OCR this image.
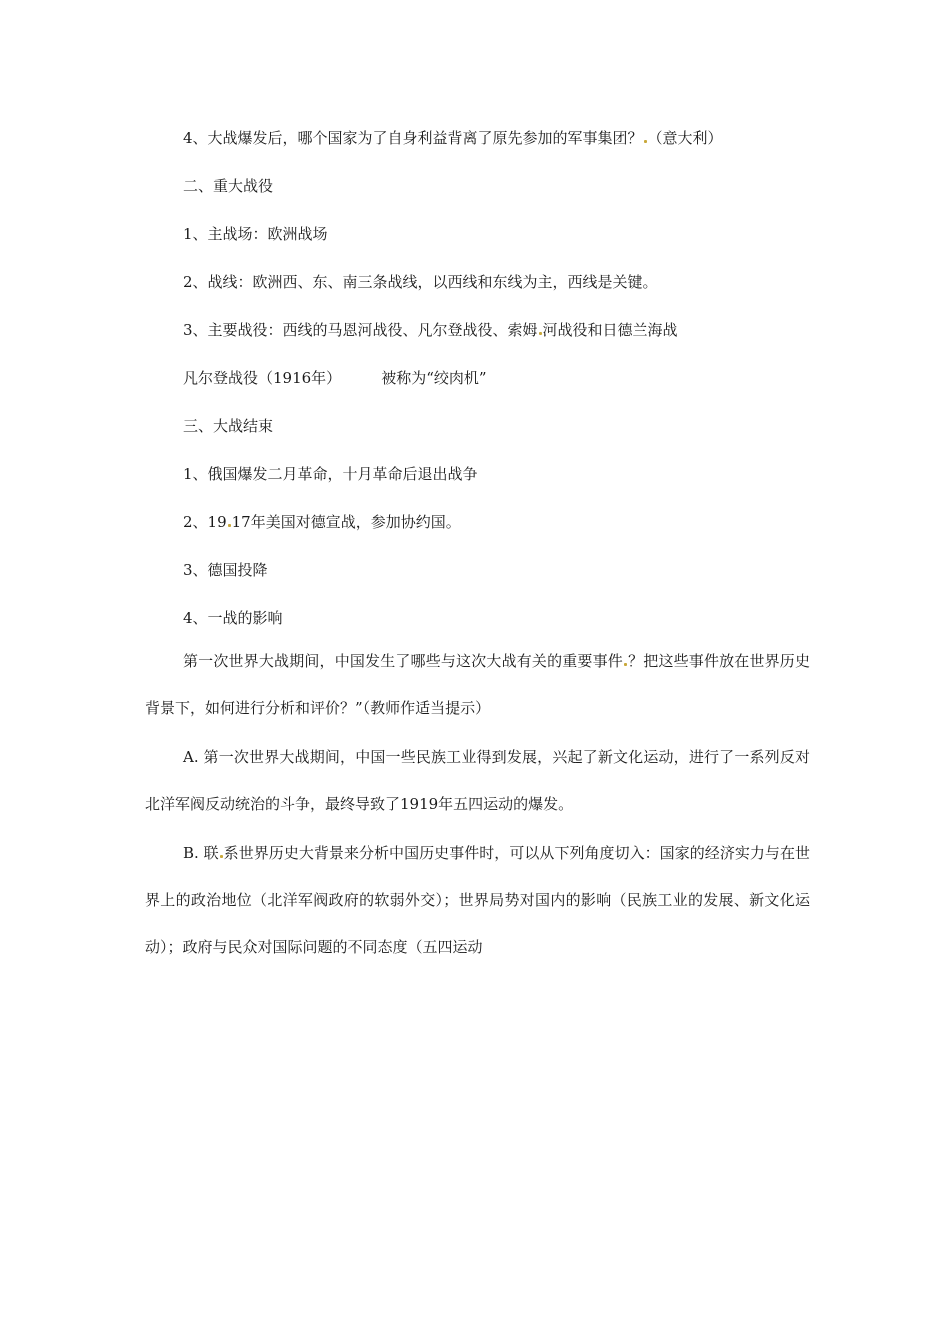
4、大战爆发后，哪个国家为了自身利益背离了原先参加的军事集团？ （意大利）
二、重大战役
1、主战场：欧洲战场
2、战线：欧洲西、东、南三条战线，以西线和东线为主，西线是关键。
3、主要战役：西线的马恩河战役、凡尔登战役、索姆 河战役和日德兰海战
凡尔登战役（1916年）	被称为“绞肉机”
三、大战结束
1、俄国爆发二月革命，十月革命后退出战争
2、19 17年美国对德宣战，参加协约国。
3、德国投降
4、一战的影响

第一次世界大战期间，中国发生了哪些与这次大战有关的重要事件 ？把这些事件放在世界历史背景下，如何进行分析和评价？”（教师作适当提示）

A. 第一次世界大战期间，中国一些民族工业得到发展，兴起了新文化运动，进行了一系列反对北洋军阀反动统治的斗争，最终导致了1919年五四运动的爆发。

B. 联 系世界历史大背景来分析中国历史事件时，可以从下列角度切入：国家的经济实力与在世界上的政治地位（北洋军阀政府的软弱外交）；世界局势对国内的影响（民族工业的发展、新文化运动）；政府与民众对国际问题的不同态度（五四运动
